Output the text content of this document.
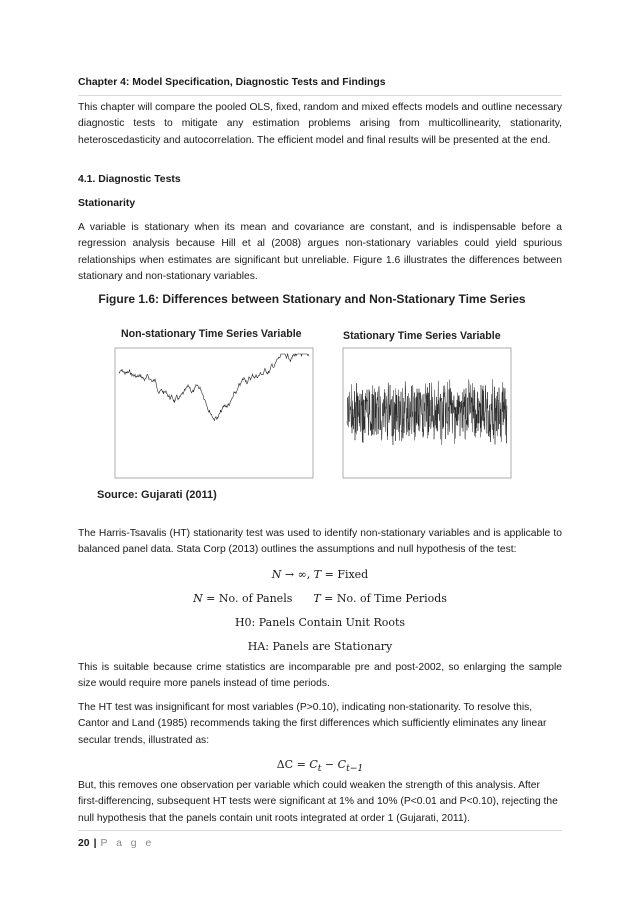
Chapter 4: Model Specification, Diagnostic Tests and Findings

This chapter will compare the pooled OLS, fixed, random and mixed effects models and outline necessary diagnostic tests to mitigate any estimation problems arising from multicollinearity, stationarity, heteroscedasticity and autocorrelation. The efficient model and final results will be presented at the end.

4.1. Diagnostic Tests

Stationarity

A variable is stationary when its mean and covariance are constant, and is indispensable before a regression analysis because Hill et al (2008) argues non-stationary variables could yield spurious relationships when estimates are significant but unreliable. Figure 1.6 illustrates the differences between stationary and non-stationary variables.

Figure 1.6: Differences between Stationary and Non-Stationary Time Series
Non-stationary Time Series Variable	Stationary Time Series Variable
Source: Gujarati (2011)

The Harris-Tsavalis (HT) stationarity test was used to identify non-stationary variables and is applicable to balanced panel data. Stata Corp (2013) outlines the assumptions and null hypothesis of the test:

N → ∞, T = Fixed

N = No. of Panels T = No. of Time Periods

H0: Panels Contain Unit Roots

HA: Panels are Stationary

This is suitable because crime statistics are incomparable pre and post-2002, so enlarging the sample size would require more panels instead of time periods.

The HT test was insignificant for most variables (P>0.10), indicating non-stationarity. To resolve this, Cantor and Land (1985) recommends taking the first differences which sufficiently eliminates any linear secular trends, illustrated as:

$\Delta C = C_t - C_{t-1}$

But, this removes one observation per variable which could weaken the strength of this analysis. After first-differencing, subsequent HT tests were significant at 1% and 10% (P<0.01 and P<0.10), rejecting the null hypothesis that the panels contain unit roots integrated at order 1 (Gujarati, 2011).

20 | P a g e
